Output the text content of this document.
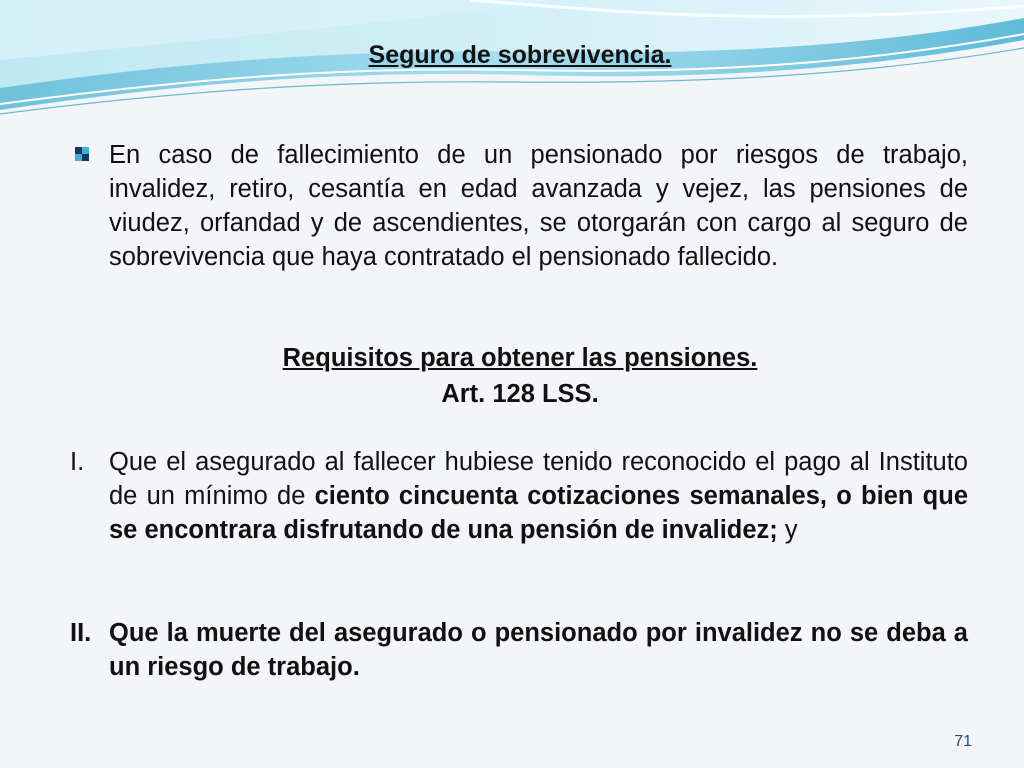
Seguro de sobrevivencia.
En caso de fallecimiento de un pensionado por riesgos de trabajo, invalidez, retiro, cesantía en edad avanzada y vejez, las pensiones de viudez, orfandad y de ascendientes, se otorgarán con cargo al seguro de sobrevivencia que haya contratado el pensionado fallecido.
Requisitos para obtener las pensiones.
Art. 128 LSS.
I. Que el asegurado al fallecer hubiese tenido reconocido el pago al Instituto de un mínimo de ciento cincuenta cotizaciones semanales, o bien que se encontrara disfrutando de una pensión de invalidez; y
II. Que la muerte del asegurado o pensionado por invalidez no se deba a un riesgo de trabajo.
71
